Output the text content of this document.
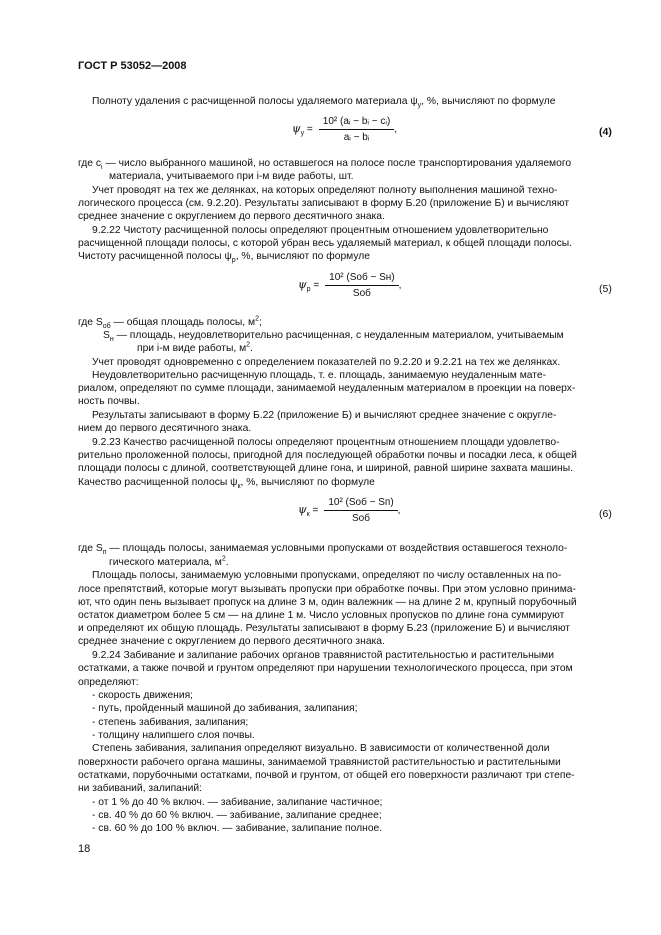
ГОСТ Р 53052—2008
Полноту удаления с расчищенной полосы удаляемого материала $\psi_y$, %, вычисляют по формуле
$\psi_y = \frac{\text{10² (aᵢ − bᵢ − cᵢ)}}{\text{aᵢ − bᵢ}}$ ,	(4)
где $c_i$ — число выбранного машиной, но оставшегося на полосе после транспортирования удаляемого
материала, учитываемого при i-м виде работы, шт.
Учет проводят на тех же делянках, на которых определяют полноту выполнения машиной техно-
логического процесса (см. 9.2.20). Результаты записывают в форму Б.20 (приложение Б) и вычисляют
среднее значение с округлением до первого десятичного знака.
9.2.22 Чистоту расчищенной полосы определяют процентным отношением удовлетворительно
расчищенной площади полосы, с которой убран весь удаляемый материал, к общей площади полосы.
Чистоту расчищенной полосы $\psi_р$, %, вычисляют по формуле
$\psi_р = \frac{\text{10² (Sоб − Sн)}}{\text{Sоб}}$ ,	(5)
где $S_{об}$ — общая площадь полосы, $м^2$;
$S_н$ — площадь, неудовлетворительно расчищенная, с неудаленным материалом, учитываемым
при i-м виде работы, $м^2$.
Учет проводят одновременно с определением показателей по 9.2.20 и 9.2.21 на тех же делянках.
Неудовлетворительно расчищенную площадь, т. е. площадь, занимаемую неудаленным мате-
риалом, определяют по сумме площади, занимаемой неудаленным материалом в проекции на поверх-
ность почвы.
Результаты записывают в форму Б.22 (приложение Б) и вычисляют среднее значение с округле-
нием до первого десятичного знака.
9.2.23 Качество расчищенной полосы определяют процентным отношением площади удовлетво-
рительно проложенной полосы, пригодной для последующей обработки почвы и посадки леса, к общей
площади полосы с длиной, соответствующей длине гона, и шириной, равной ширине захвата машины.
Качество расчищенной полосы $\psi_к$, %, вычисляют по формуле
$\psi_к = \frac{\text{10² (Sоб − Sп)}}{\text{Sоб}}$ ,	(6)
где $S_п$ — площадь полосы, занимаемая условными пропусками от воздействия оставшегося техноло-
гического материала, $м^2$.
Площадь полосы, занимаемую условными пропусками, определяют по числу оставленных на по-
лосе препятствий, которые могут вызывать пропуски при обработке почвы. При этом условно принима-
ют, что один пень вызывает пропуск на длине 3 м, один валежник — на длине 2 м, крупный порубочный
остаток диаметром более 5 см — на длине 1 м. Число условных пропусков по длине гона суммируют
и определяют их общую площадь. Результаты записывают в форму Б.23 (приложение Б) и вычисляют
среднее значение с округлением до первого десятичного знака.
9.2.24 Забивание и залипание рабочих органов травянистой растительностью и растительными
остатками, а также почвой и грунтом определяют при нарушении технологического процесса, при этом
определяют:
- скорость движения;
- путь, пройденный машиной до забивания, залипания;
- степень забивания, залипания;
- толщину налипшего слоя почвы.
Степень забивания, залипания определяют визуально. В зависимости от количественной доли
поверхности рабочего органа машины, занимаемой травянистой растительностью и растительными
остатками, порубочными остатками, почвой и грунтом, от общей его поверхности различают три степе-
ни забиваний, залипаний:
- от 1 % до 40 % включ. — забивание, залипание частичное;
- св. 40 % до 60 % включ. — забивание, залипание среднее;
- св. 60 % до 100 % включ. — забивание, залипание полное.
18
